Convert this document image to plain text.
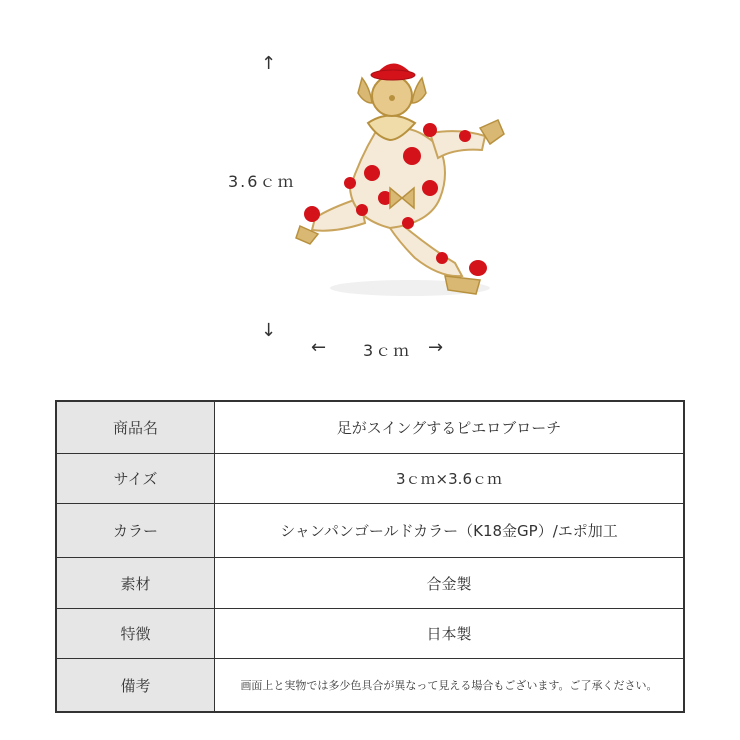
↑
3.6ｃｍ
↓
← 3ｃｍ →
商品名	足がスイングするピエロブローチ
サイズ	3ｃｍ×3.6ｃｍ
カラー	シャンパンゴールドカラー（K18金GP）/エポ加工
素材	合金製
特徴	日本製
備考	画面上と実物では多少色具合が異なって見える場合もございます。ご了承ください。
